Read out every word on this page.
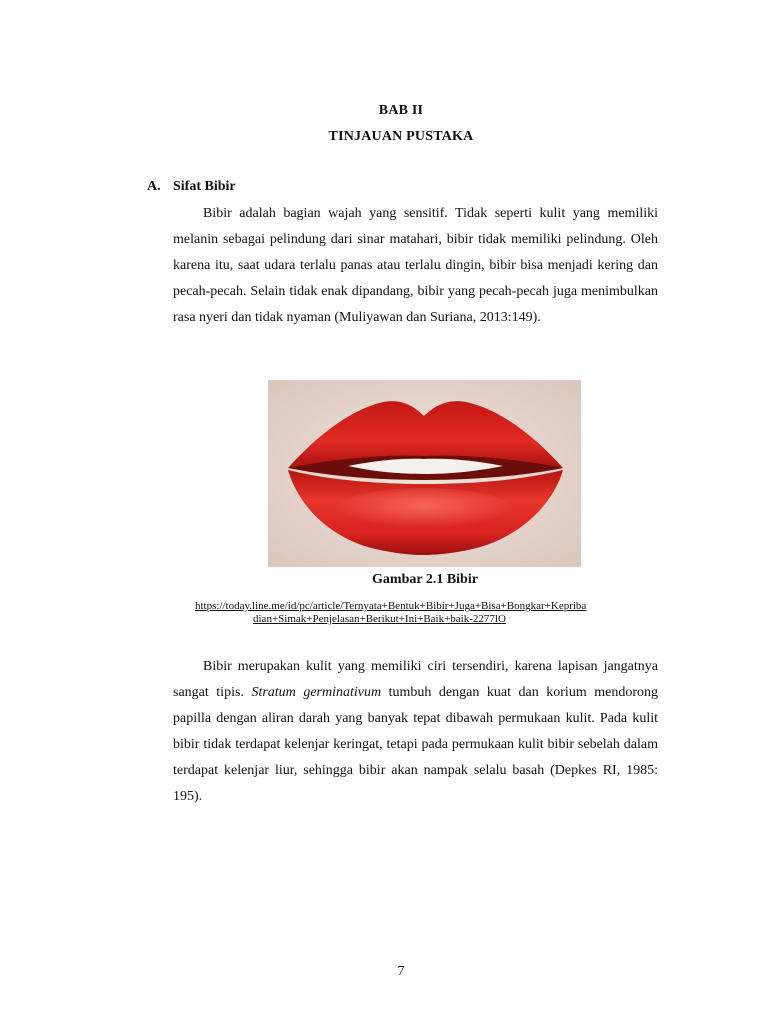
BAB II
TINJAUAN PUSTAKA
A. Sifat Bibir

Bibir adalah bagian wajah yang sensitif. Tidak seperti kulit yang memiliki melanin sebagai pelindung dari sinar matahari, bibir tidak memiliki pelindung. Oleh karena itu, saat udara terlalu panas atau terlalu dingin, bibir bisa menjadi kering dan pecah-pecah. Selain tidak enak dipandang, bibir yang pecah-pecah juga menimbulkan rasa nyeri dan tidak nyaman (Muliyawan dan Suriana, 2013:149).

Gambar 2.1 Bibir
https://today.line.me/id/pc/article/Ternyata+Bentuk+Bibir+Juga+Bisa+Bongkar+Kepriba
dian+Simak+Penjelasan+Berikut+Ini+Baik+baik-2277lO

Bibir merupakan kulit yang memiliki ciri tersendiri, karena lapisan jangatnya sangat tipis. Stratum germinativum tumbuh dengan kuat dan korium mendorong papilla dengan aliran darah yang banyak tepat dibawah permukaan kulit. Pada kulit bibir tidak terdapat kelenjar keringat, tetapi pada permukaan kulit bibir sebelah dalam terdapat kelenjar liur, sehingga bibir akan nampak selalu basah (Depkes RI, 1985: 195).

7
